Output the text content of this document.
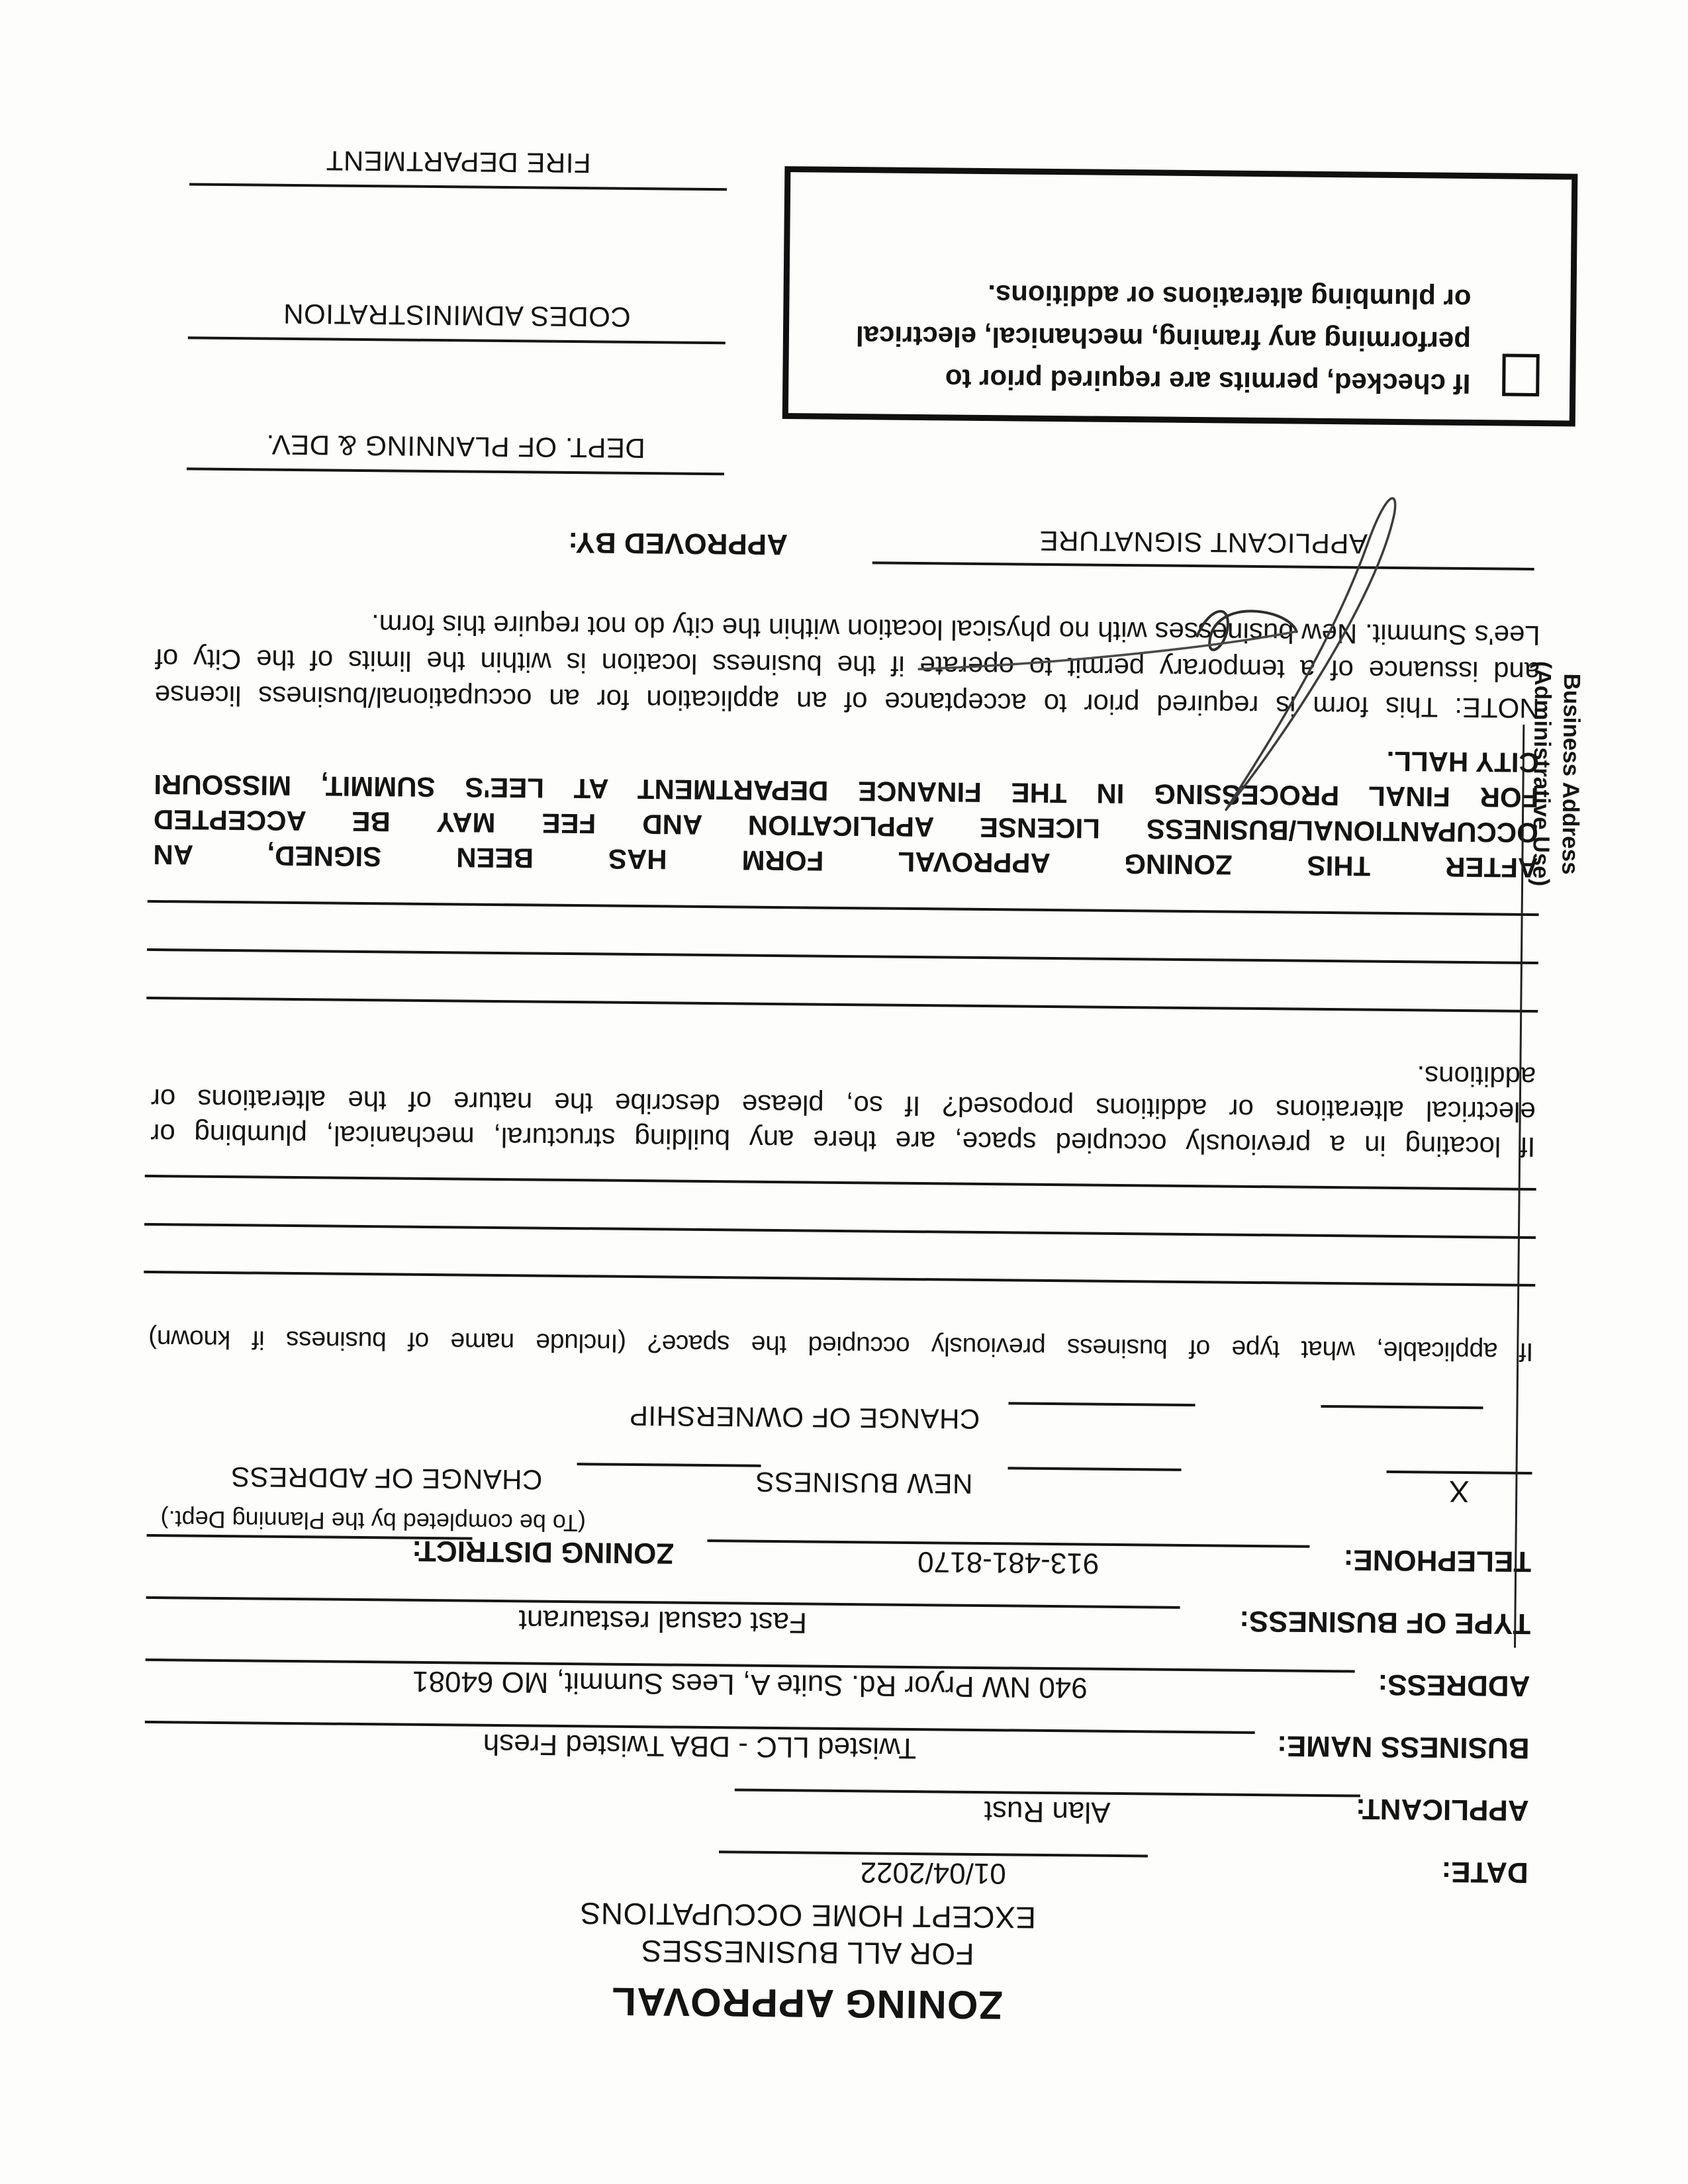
ZONING APPROVAL
FOR ALL BUSINESSES
EXCEPT HOME OCCUPATIONS
DATE:
01/04/2022
APPLICANT:
Alan Rust
BUSINESS NAME:
Twisted LLC - DBA Twisted Fresh
ADDRESS:
940 NW Pryor Rd. Suite A, Lees Summit, MO 64081
TYPE OF BUSINESS:
Fast casual restaurant
TELEPHONE:
913-481-8170
ZONING DISTRICT:
(To be completed by the Planning Dept.)
X
NEW BUSINESS
CHANGE OF ADDRESS
CHANGE OF OWNERSHIP
If applicable, what type of business previously occupied the space? (Include name of business if known)
If locating in a previously occupied space, are there any building structural, mechanical, plumbing or
electrical alterations or additions proposed? If so, please describe the nature of the alterations or
additions.
AFTER THIS ZONING APPROVAL FORM HAS BEEN SIGNED, AN
OCCUPANTIONAL/BUSINESS LICENSE APPLICATION AND FEE MAY BE ACCEPTED
FOR FINAL PROCESSING IN THE FINANCE DEPARTMENT AT LEE'S SUMMIT, MISSOURI
CITY HALL.
NOTE: This form is required prior to acceptance of an application for an occupational/business license
and issuance of a temporary permit to operate if the business location is within the limits of the City of
Lee's Summit. New businesses with no physical location within the city do not require this form.
APPLICANT SIGNATURE
APPROVED BY:
DEPT. OF PLANNING & DEV.
CODES ADMINISTRATION
FIRE DEPARTMENT
If checked, permits are required prior to performing any framing, mechanical, electrical or plumbing alterations or additions.
Business Address
(Administrative Use)
